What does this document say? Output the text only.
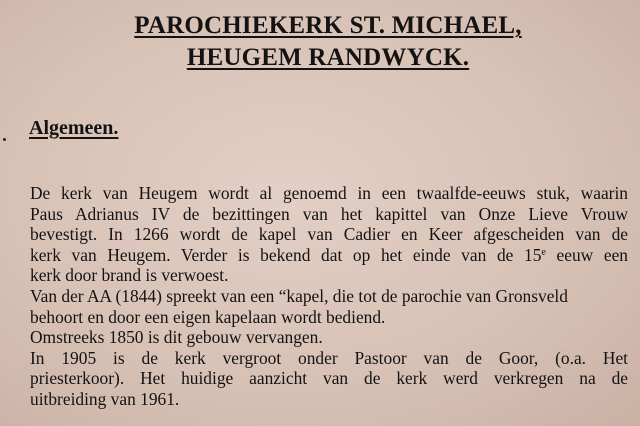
PAROCHIEKERK ST. MICHAEL,
HEUGEM RANDWYCK.
Algemeen.
De kerk van Heugem wordt al genoemd in een twaalfde-eeuws stuk, waarin
Paus Adrianus IV de bezittingen van het kapittel van Onze Lieve Vrouw
bevestigt. In 1266 wordt de kapel van Cadier en Keer afgescheiden van de
kerk van Heugem. Verder is bekend dat op het einde van de 15e eeuw een
kerk door brand is verwoest.
Van der AA (1844) spreekt van een “kapel, die tot de parochie van Gronsveld
behoort en door een eigen kapelaan wordt bediend.
Omstreeks 1850 is dit gebouw vervangen.
In 1905 is de kerk vergroot onder Pastoor van de Goor, (o.a. Het
priesterkoor). Het huidige aanzicht van de kerk werd verkregen na de
uitbreiding van 1961.
